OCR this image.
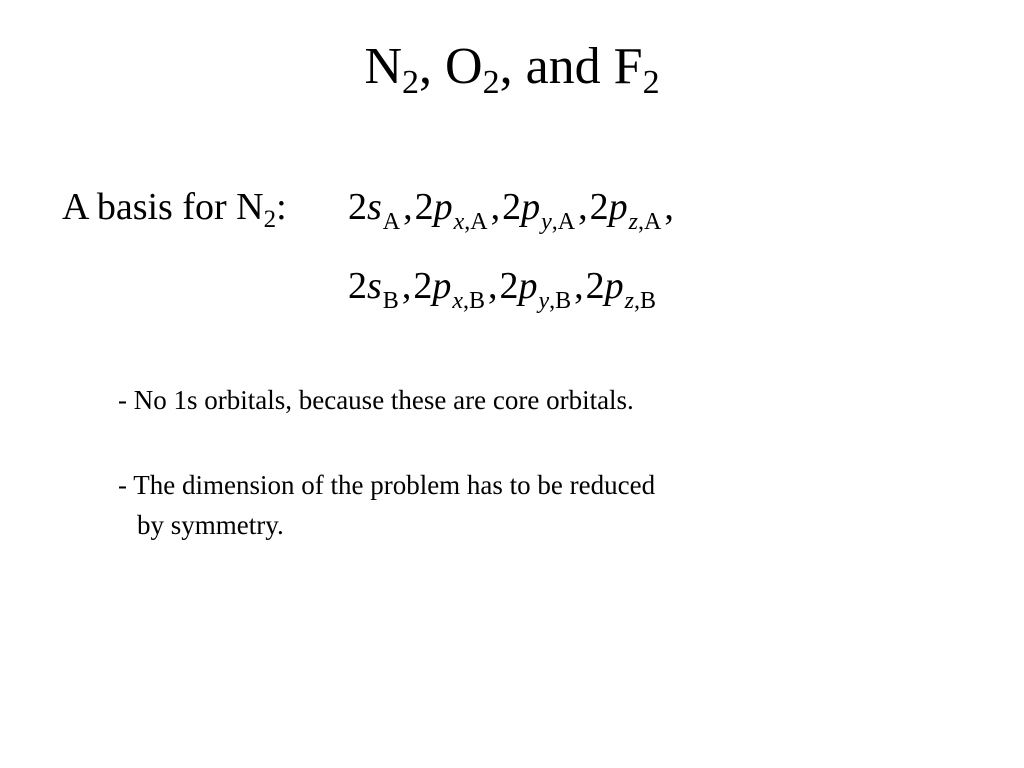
$N_2$, $O_2$, and $F_2$
A basis for $N_2$: $2s_A,2p_{x,A},2p_{y,A},2p_{z,A}$,
$2s_B,2p_{x,B},2p_{y,B},2p_{z,B}$
- No 1s orbitals, because these are core orbitals.
- The dimension of the problem has to be reduced
by symmetry.
